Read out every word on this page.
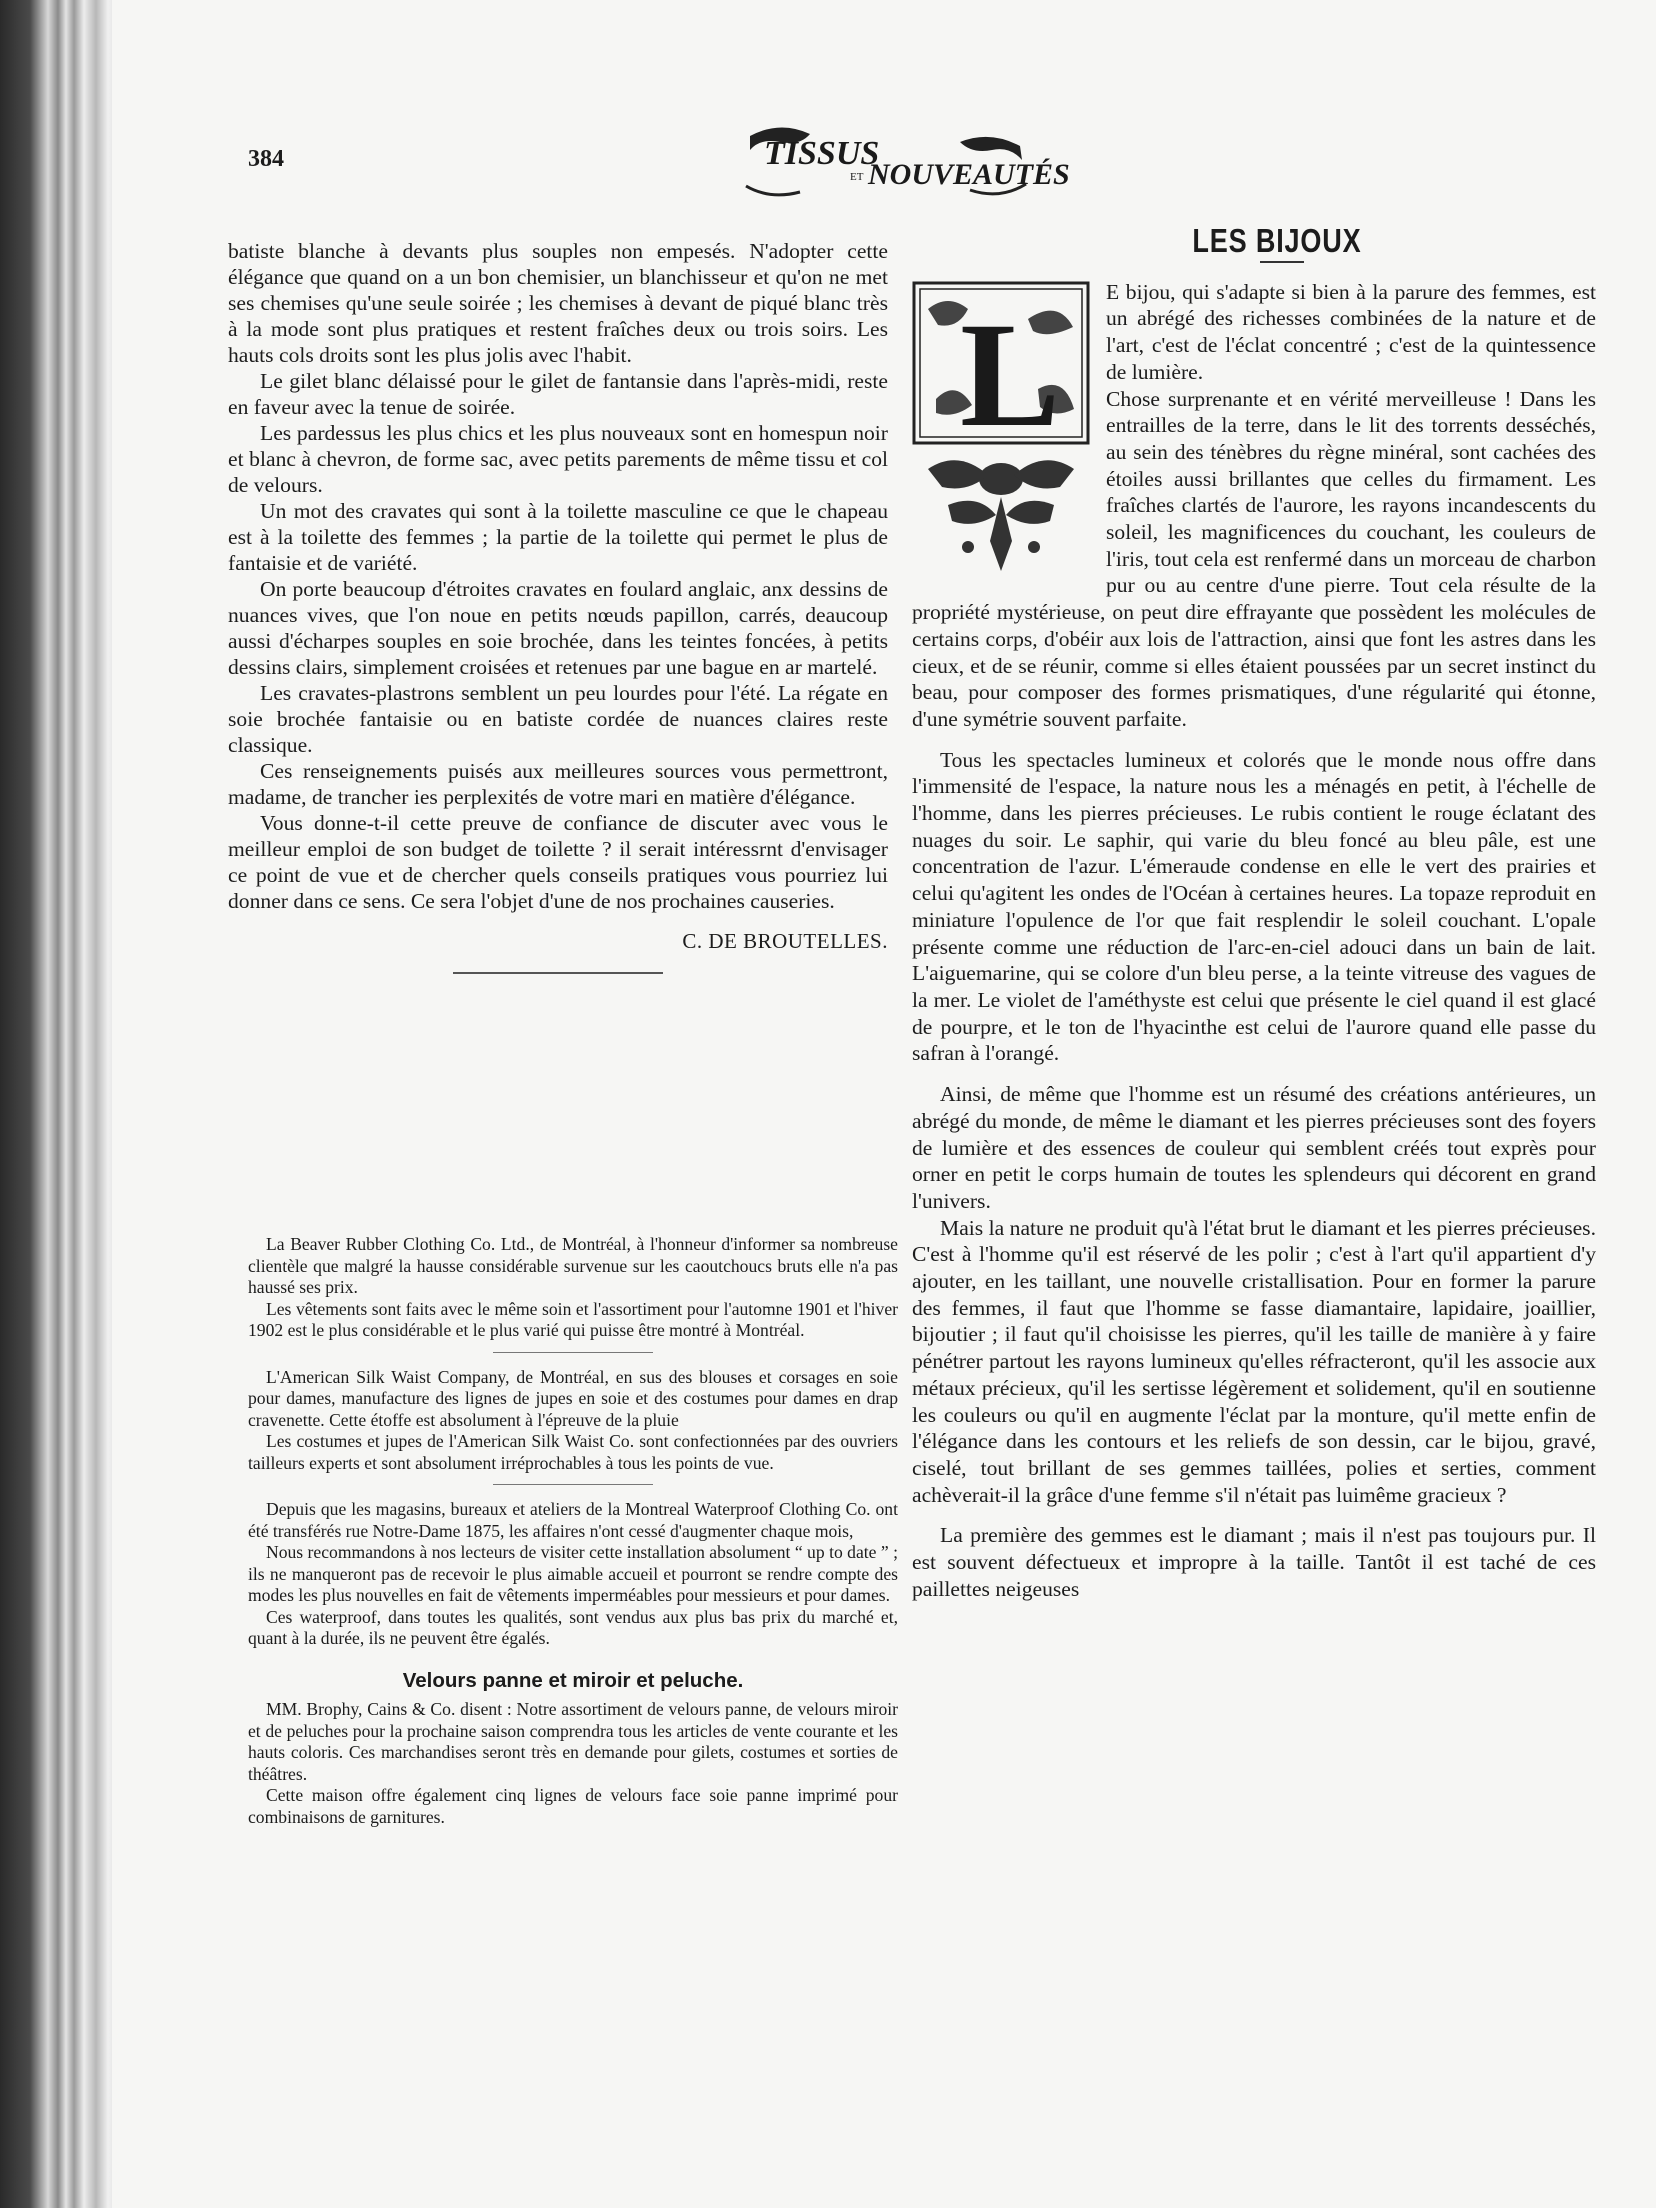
384	TISSUS
ET NOUVEAUTÉS

batiste blanche à devants plus souples non empesés. N'adopter cette élégance que quand on a un bon chemisier, un blanchisseur et qu'on ne met ses chemises qu'une seule soirée ; les chemises à devant de piqué blanc très à la mode sont plus pratiques et restent fraîches deux ou trois soirs. Les hauts cols droits sont les plus jolis avec l'habit.

Le gilet blanc délaissé pour le gilet de fantansie dans l'après-midi, reste en faveur avec la tenue de soirée.

Les pardessus les plus chics et les plus nouveaux sont en homespun noir et blanc à chevron, de forme sac, avec petits parements de même tissu et col de velours.

Un mot des cravates qui sont à la toilette masculine ce que le chapeau est à la toilette des femmes ; la partie de la toilette qui permet le plus de fantaisie et de variété.

On porte beaucoup d'étroites cravates en foulard anglaic, anx dessins de nuances vives, que l'on noue en petits nœuds papillon, carrés, deaucoup aussi d'écharpes souples en soie brochée, dans les teintes foncées, à petits dessins clairs, simplement croisées et retenues par une bague en ar martelé.

Les cravates-plastrons semblent un peu lourdes pour l'été. La régate en soie brochée fantaisie ou en batiste cordée de nuances claires reste classique.

Ces renseignements puisés aux meilleures sources vous permettront, madame, de trancher ies perplexités de votre mari en matière d'élégance.

Vous donne-t-il cette preuve de confiance de discuter avec vous le meilleur emploi de son budget de toilette ? il serait intéressrnt d'envisager ce point de vue et de chercher quels conseils pratiques vous pourriez lui donner dans ce sens. Ce sera l'objet d'une de nos prochaines causeries.

C. DE BROUTELLES.

La Beaver Rubber Clothing Co. Ltd., de Montréal, à l'honneur d'informer sa nombreuse clientèle que malgré la hausse considérable survenue sur les caoutchoucs bruts elle n'a pas haussé ses prix.

Les vêtements sont faits avec le même soin et l'assortiment pour l'automne 1901 et l'hiver 1902 est le plus considérable et le plus varié qui puisse être montré à Montréal.

L'American Silk Waist Company, de Montréal, en sus des blouses et corsages en soie pour dames, manufacture des lignes de jupes en soie et des costumes pour dames en drap cravenette. Cette étoffe est absolument à l'épreuve de la pluie

Les costumes et jupes de l'American Silk Waist Co. sont confectionnées par des ouvriers tailleurs experts et sont absolument irréprochables à tous les points de vue.

Depuis que les magasins, bureaux et ateliers de la Montreal Waterproof Clothing Co. ont été transférés rue Notre-Dame 1875, les affaires n'ont cessé d'augmenter chaque mois,

Nous recommandons à nos lecteurs de visiter cette installation absolument “ up to date ” ; ils ne manqueront pas de recevoir le plus aimable accueil et pourront se rendre compte des modes les plus nouvelles en fait de vêtements imperméables pour messieurs et pour dames.

Ces waterproof, dans toutes les qualités, sont vendus aux plus bas prix du marché et, quant à la durée, ils ne peuvent être égalés.

Velours panne et miroir et peluche.

MM. Brophy, Cains & Co. disent : Notre assortiment de velours panne, de velours miroir et de peluches pour la prochaine saison comprendra tous les articles de vente courante et les hauts coloris. Ces marchandises seront très en demande pour gilets, costumes et sorties de théâtres.

Cette maison offre également cinq lignes de velours face soie panne imprimé pour combinaisons de garnitures.

LES BIJOUX
L	E bijou, qui s'adapte si bien à la parure des femmes, est un abrégé des richesses combinées de la nature et de l'art, c'est de l'éclat concentré ; c'est de la quintessence de lumière.

Chose surprenante et en vérité merveilleuse ! Dans les entrailles de la terre, dans le lit des torrents desséchés, au sein des ténèbres du règne minéral, sont cachées des étoiles aussi brillantes que celles du firmament. Les fraîches clartés de l'aurore, les rayons incandescents du soleil, les magnificences du couchant, les couleurs de l'iris, tout cela est renfermé dans un morceau de charbon pur ou au centre d'une pierre. Tout cela résulte de la propriété mystérieuse, on peut dire effrayante que possèdent les molécules de certains corps, d'obéir aux lois de l'attraction, ainsi que font les astres dans les cieux, et de se réunir, comme si elles étaient poussées par un secret instinct du beau, pour composer des formes prismatiques, d'une régularité qui étonne, d'une symétrie souvent parfaite.

Tous les spectacles lumineux et colorés que le monde nous offre dans l'immensité de l'espace, la nature nous les a ménagés en petit, à l'échelle de l'homme, dans les pierres précieuses. Le rubis contient le rouge éclatant des nuages du soir. Le saphir, qui varie du bleu foncé au bleu pâle, est une concentration de l'azur. L'émeraude condense en elle le vert des prairies et celui qu'agitent les ondes de l'Océan à certaines heures. La topaze reproduit en miniature l'opulence de l'or que fait resplendir le soleil couchant. L'opale présente comme une réduction de l'arc-en-ciel adouci dans un bain de lait. L'aiguemarine, qui se colore d'un bleu perse, a la teinte vitreuse des vagues de la mer. Le violet de l'améthyste est celui que présente le ciel quand il est glacé de pourpre, et le ton de l'hyacinthe est celui de l'aurore quand elle passe du safran à l'orangé.

Ainsi, de même que l'homme est un résumé des créations antérieures, un abrégé du monde, de même le diamant et les pierres précieuses sont des foyers de lumière et des essences de couleur qui semblent créés tout exprès pour orner en petit le corps humain de toutes les splendeurs qui décorent en grand l'univers.

Mais la nature ne produit qu'à l'état brut le diamant et les pierres précieuses. C'est à l'homme qu'il est réservé de les polir ; c'est à l'art qu'il appartient d'y ajouter, en les taillant, une nouvelle cristallisation. Pour en former la parure des femmes, il faut que l'homme se fasse diamantaire, lapidaire, joaillier, bijoutier ; il faut qu'il choisisse les pierres, qu'il les taille de manière à y faire pénétrer partout les rayons lumineux qu'elles réfracteront, qu'il les associe aux métaux précieux, qu'il les sertisse légèrement et solidement, qu'il en soutienne les couleurs ou qu'il en augmente l'éclat par la monture, qu'il mette enfin de l'élégance dans les contours et les reliefs de son dessin, car le bijou, gravé, ciselé, tout brillant de ses gemmes taillées, polies et serties, comment achèverait-il la grâce d'une femme s'il n'était pas luimême gracieux ?

La première des gemmes est le diamant ; mais il n'est pas toujours pur. Il est souvent défectueux et impropre à la taille. Tantôt il est taché de ces paillettes neigeuses
